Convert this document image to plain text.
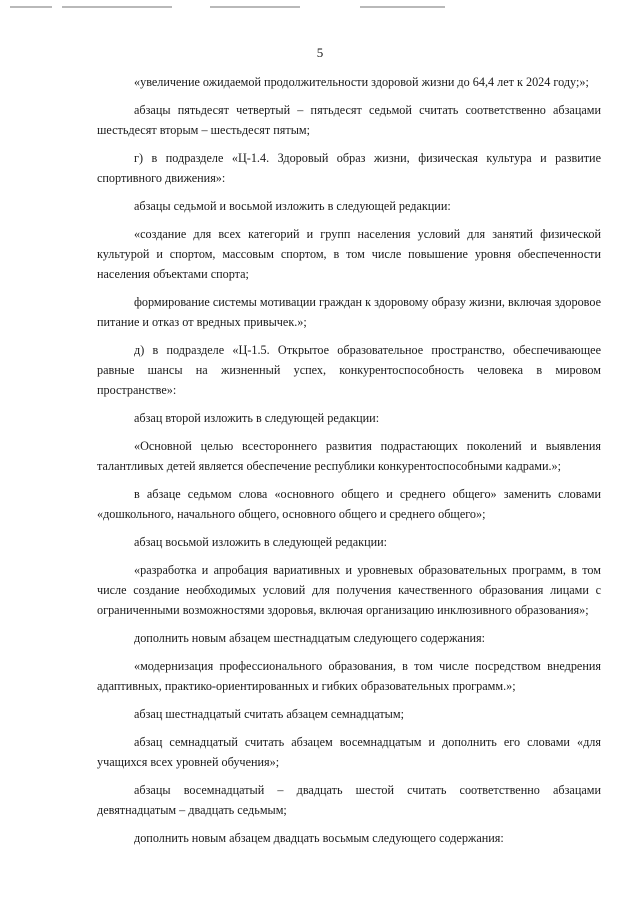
5

«увеличение ожидаемой продолжительности здоровой жизни до 64,4 лет к 2024 году;»;

абзацы пятьдесят четвертый – пятьдесят седьмой считать соответственно абзацами шестьдесят вторым – шестьдесят пятым;

г) в подразделе «Ц-1.4. Здоровый образ жизни, физическая культура и развитие спортивного движения»:

абзацы седьмой и восьмой изложить в следующей редакции:

«создание для всех категорий и групп населения условий для занятий физической культурой и спортом, массовым спортом, в том числе повышение уровня обеспеченности населения объектами спорта;

формирование системы мотивации граждан к здоровому образу жизни, включая здоровое питание и отказ от вредных привычек.»;

д) в подразделе «Ц-1.5. Открытое образовательное пространство, обеспечивающее равные шансы на жизненный успех, конкурентоспособность человека в мировом пространстве»:

абзац второй изложить в следующей редакции:

«Основной целью всестороннего развития подрастающих поколений и выявления талантливых детей является обеспечение республики конкурентоспособными кадрами.»;

в абзаце седьмом слова «основного общего и среднего общего» заменить словами «дошкольного, начального общего, основного общего и среднего общего»;

абзац восьмой изложить в следующей редакции:

«разработка и апробация вариативных и уровневых образовательных программ, в том числе создание необходимых условий для получения качественного образования лицами с ограниченными возможностями здоровья, включая организацию инклюзивного образования»;

дополнить новым абзацем шестнадцатым следующего содержания:

«модернизация профессионального образования, в том числе посредством внедрения адаптивных, практико-ориентированных и гибких образовательных программ.»;

абзац шестнадцатый считать абзацем семнадцатым;

абзац семнадцатый считать абзацем восемнадцатым и дополнить его словами «для учащихся всех уровней обучения»;

абзацы восемнадцатый – двадцать шестой считать соответственно абзацами девятнадцатым – двадцать седьмым;

дополнить новым абзацем двадцать восьмым следующего содержания:
